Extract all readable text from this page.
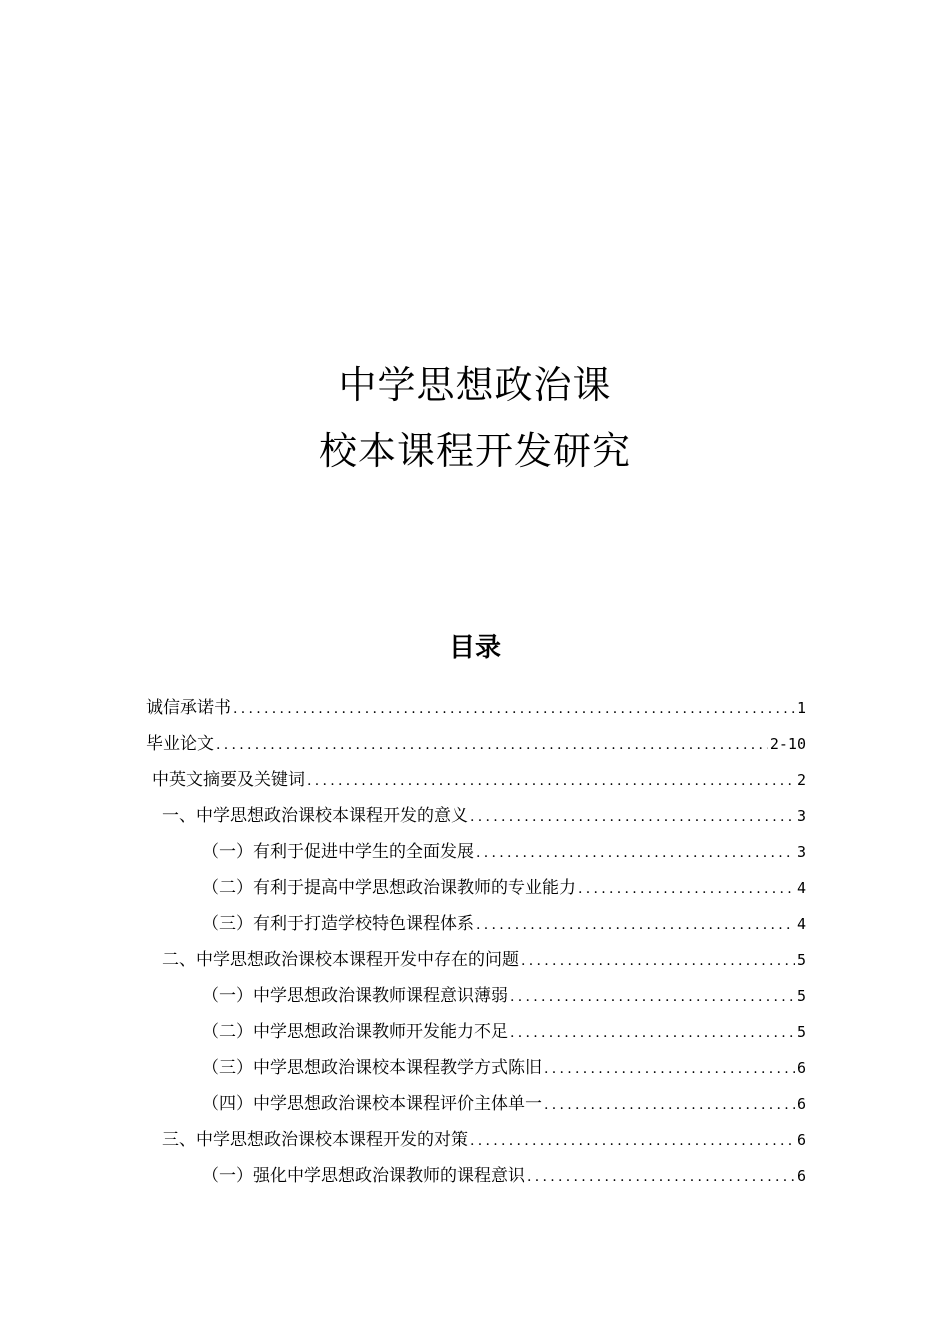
中学思想政治课
校本课程开发研究
目录
诚信承诺书 .....	1
毕业论文 .....	2-10
中英文摘要及关键词 .....	2
一、中学思想政治课校本课程开发的意义 .....	3
（一）有利于促进中学生的全面发展 .....	3
（二）有利于提高中学思想政治课教师的专业能力 .....	4
（三）有利于打造学校特色课程体系 .....	4
二、中学思想政治课校本课程开发中存在的问题 .....	5
（一）中学思想政治课教师课程意识薄弱 .....	5
（二）中学思想政治课教师开发能力不足 .....	5
（三）中学思想政治课校本课程教学方式陈旧 .....	6
（四）中学思想政治课校本课程评价主体单一 .....	6
三、中学思想政治课校本课程开发的对策 .....	6
（一）强化中学思想政治课教师的课程意识 .....	6
